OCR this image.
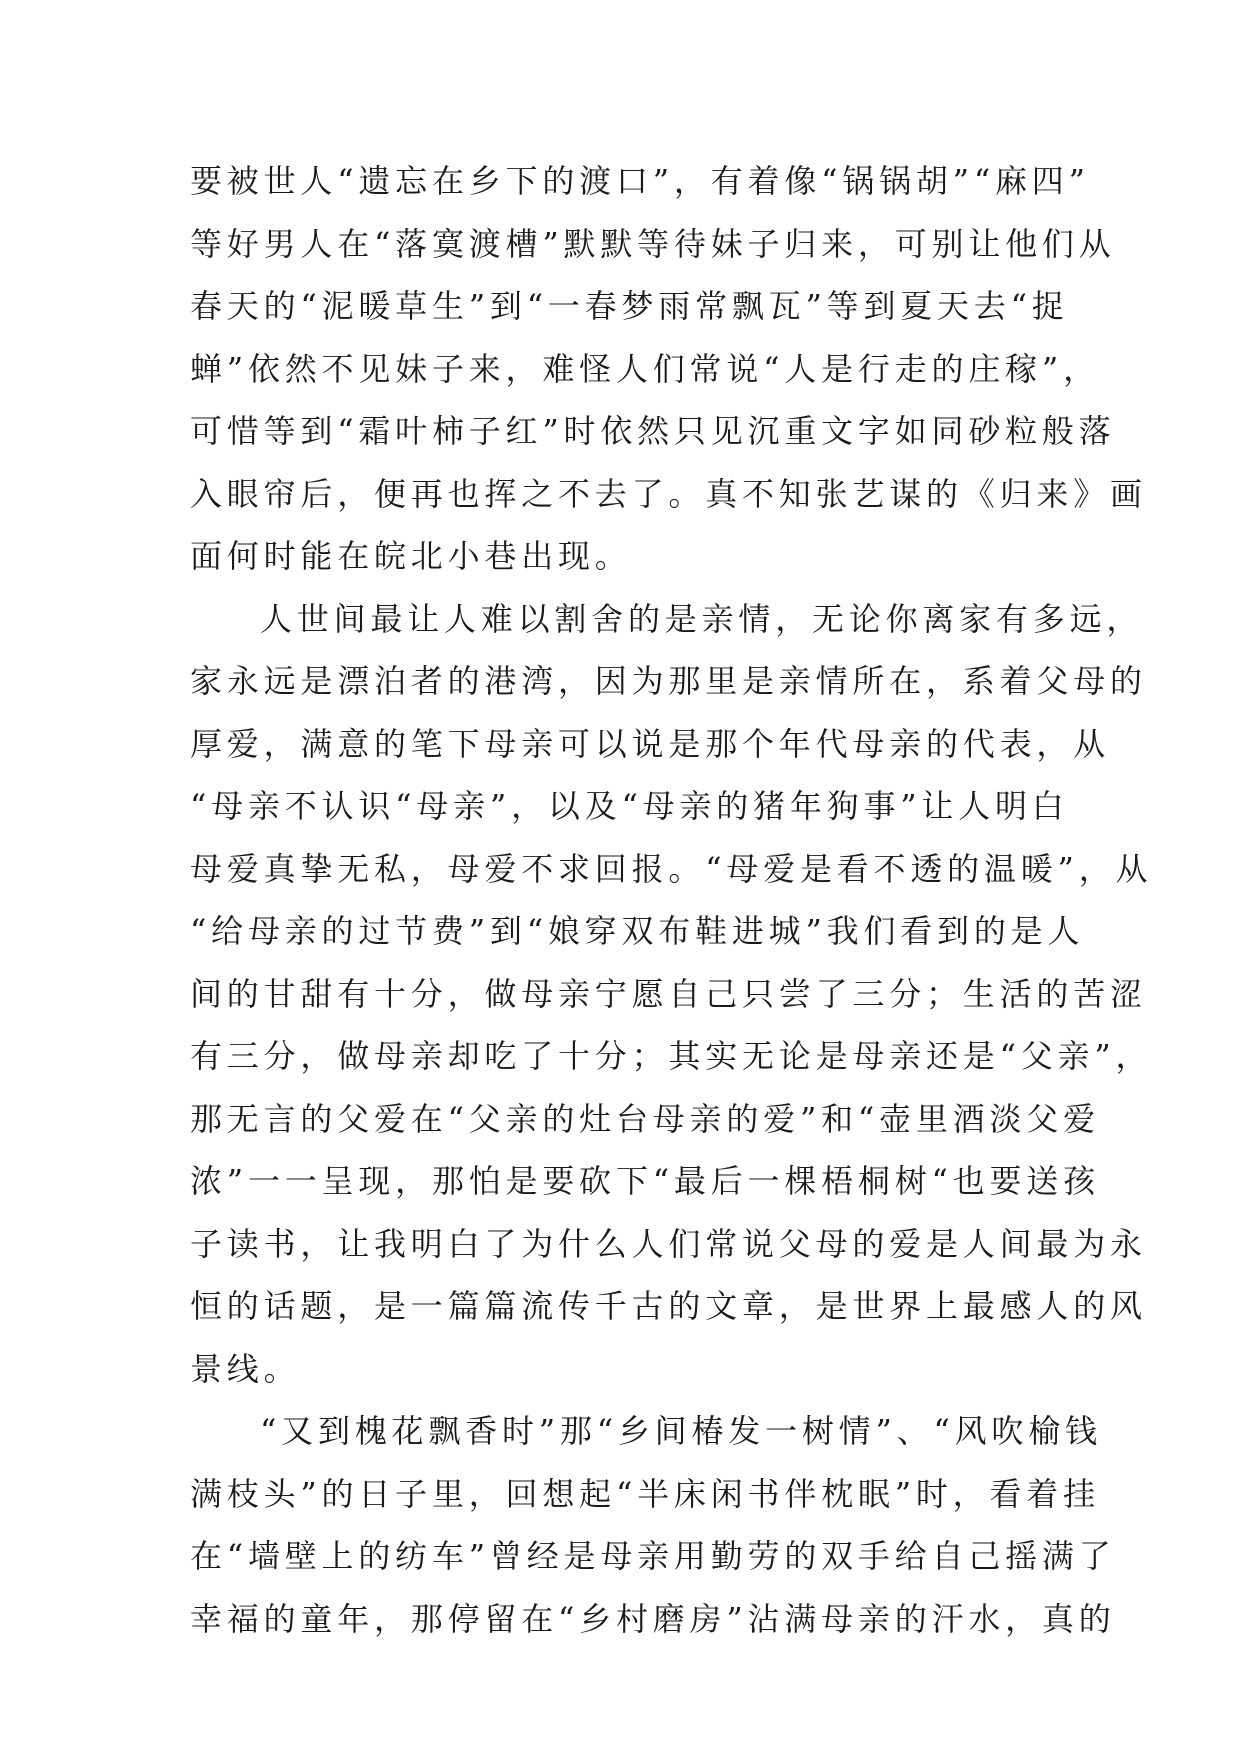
要被世人“遗忘在乡下的渡口”，有着像“锅锅胡”“麻四”
等好男人在“落寞渡槽”默默等待妹子归来，可别让他们从
春天的“泥暖草生”到“一春梦雨常飘瓦”等到夏天去“捉
蝉”依然不见妹子来，难怪人们常说“人是行走的庄稼”，
可惜等到“霜叶柿子红”时依然只见沉重文字如同砂粒般落
入眼帘后，便再也挥之不去了。真不知张艺谋的《归来》画
面何时能在皖北小巷出现。
人世间最让人难以割舍的是亲情，无论你离家有多远，
家永远是漂泊者的港湾，因为那里是亲情所在，系着父母的
厚爱，满意的笔下母亲可以说是那个年代母亲的代表，从
“母亲不认识“母亲”，以及“母亲的猪年狗事”让人明白
母爱真挚无私，母爱不求回报。“母爱是看不透的温暖”，从
“给母亲的过节费”到“娘穿双布鞋进城”我们看到的是人
间的甘甜有十分，做母亲宁愿自己只尝了三分；生活的苦涩
有三分，做母亲却吃了十分；其实无论是母亲还是“父亲”，
那无言的父爱在“父亲的灶台母亲的爱”和“壶里酒淡父爱
浓”一一呈现，那怕是要砍下“最后一棵梧桐树“也要送孩
子读书，让我明白了为什么人们常说父母的爱是人间最为永
恒的话题，是一篇篇流传千古的文章，是世界上最感人的风
景线。
“又到槐花飘香时”那“乡间椿发一树情”、“风吹榆钱
满枝头”的日子里，回想起“半床闲书伴枕眠”时，看着挂
在“墙壁上的纺车”曾经是母亲用勤劳的双手给自己摇满了
幸福的童年，那停留在“乡村磨房”沾满母亲的汗水，真的
